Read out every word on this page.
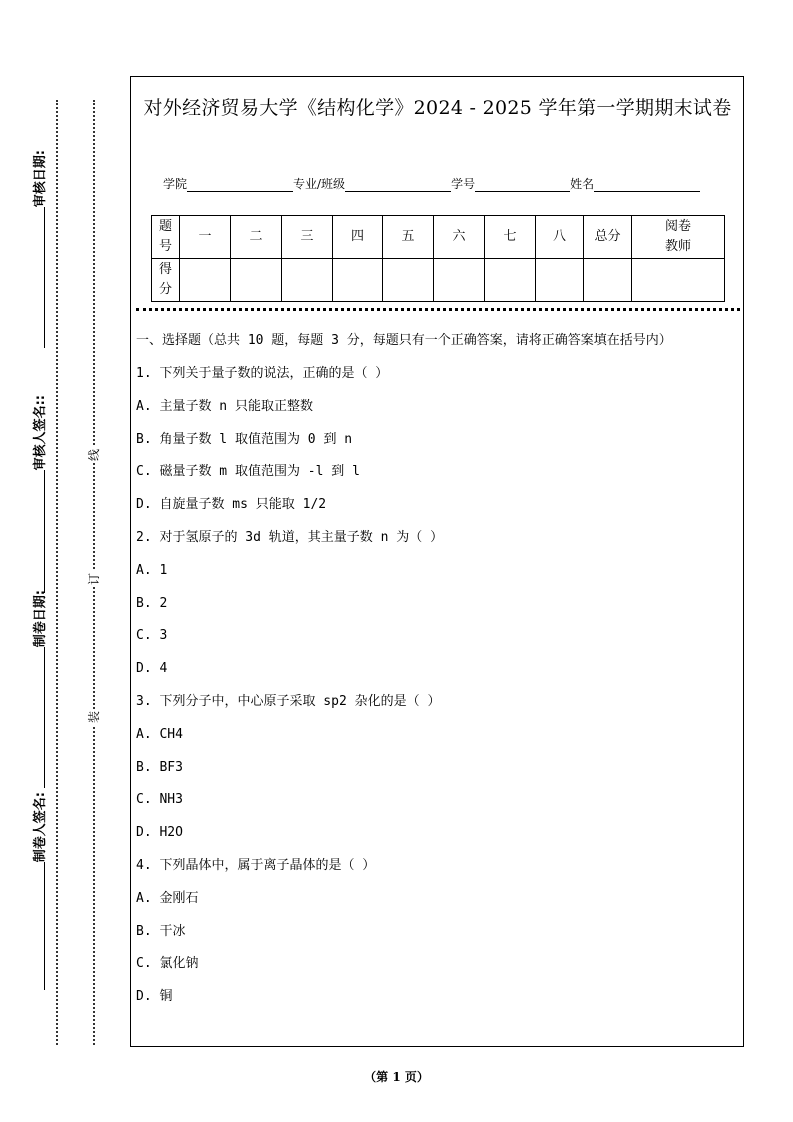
审核日期:
审核人签名::
制卷日期:
制卷人签名:
线
订
装
对外经济贸易大学《结构化学》2024 - 2025 学年第一学期期末试卷
学院	专业/班级	学号	姓名
题号	一	二	三	四	五	六	七	八	总分	阅卷
教师
得分										
一、选择题（总共 10 题，每题 3 分，每题只有一个正确答案，请将正确答案填在括号内）
1. 下列关于量子数的说法，正确的是（ ）
A. 主量子数 n 只能取正整数
B. 角量子数 l 取值范围为 0 到 n
C. 磁量子数 m 取值范围为 -l 到 l
D. 自旋量子数 ms 只能取 1/2
2. 对于氢原子的 3d 轨道，其主量子数 n 为（ ）
A. 1
B. 2
C. 3
D. 4
3. 下列分子中，中心原子采取 sp2 杂化的是（ ）
A. CH4
B. BF3
C. NH3
D. H2O
4. 下列晶体中，属于离子晶体的是（ ）
A. 金刚石
B. 干冰
C. 氯化钠
D. 铜
（第 1 页）
